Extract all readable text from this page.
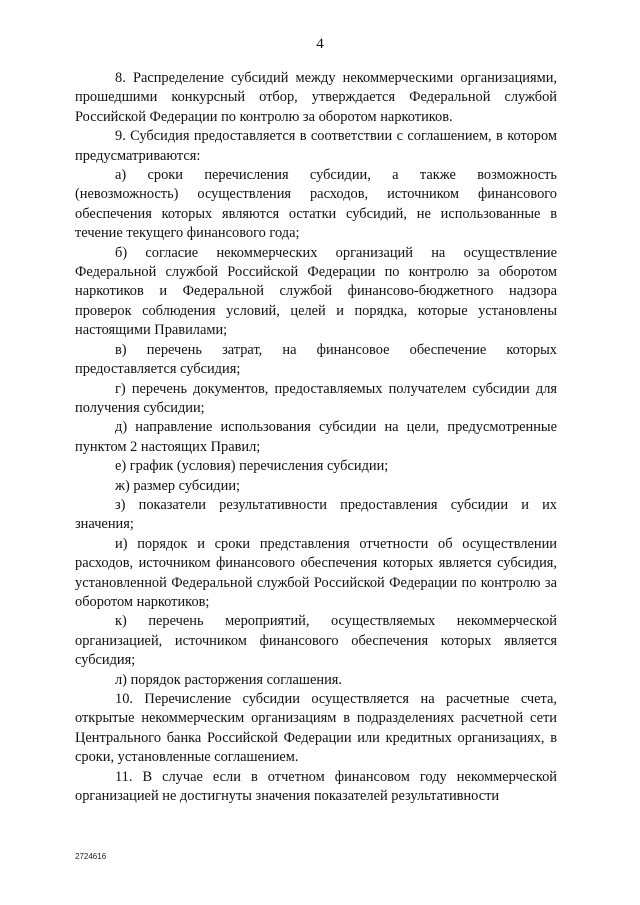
4

8. Распределение субсидий между некоммерческими организациями, прошедшими конкурсный отбор, утверждается Федеральной службой Российской Федерации по контролю за оборотом наркотиков.

9. Субсидия предоставляется в соответствии с соглашением, в котором предусматриваются:

а) сроки перечисления субсидии, а также возможность (невозможность) осуществления расходов, источником финансового обеспечения которых являются остатки субсидий, не использованные в течение текущего финансового года;

б) согласие некоммерческих организаций на осуществление Федеральной службой Российской Федерации по контролю за оборотом наркотиков и Федеральной службой финансово-бюджетного надзора проверок соблюдения условий, целей и порядка, которые установлены настоящими Правилами;

в) перечень затрат, на финансовое обеспечение которых предоставляется субсидия;

г) перечень документов, предоставляемых получателем субсидии для получения субсидии;

д) направление использования субсидии на цели, предусмотренные пунктом 2 настоящих Правил;

е) график (условия) перечисления субсидии;

ж) размер субсидии;

з) показатели результативности предоставления субсидии и их значения;

и) порядок и сроки представления отчетности об осуществлении расходов, источником финансового обеспечения которых является субсидия, установленной Федеральной службой Российской Федерации по контролю за оборотом наркотиков;

к) перечень мероприятий, осуществляемых некоммерческой организацией, источником финансового обеспечения которых является субсидия;

л) порядок расторжения соглашения.

10. Перечисление субсидии осуществляется на расчетные счета, открытые некоммерческим организациям в подразделениях расчетной сети Центрального банка Российской Федерации или кредитных организациях, в сроки, установленные соглашением.

11. В случае если в отчетном финансовом году некоммерческой организацией не достигнуты значения показателей результативности

2724616
